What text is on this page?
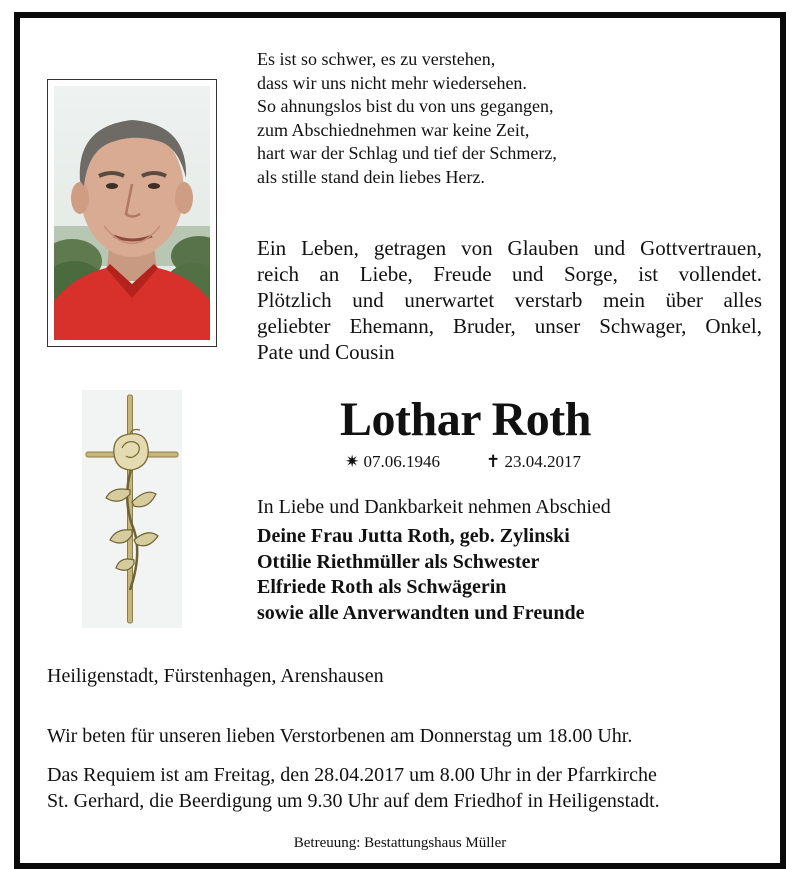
Es ist so schwer, es zu verstehen,
dass wir uns nicht mehr wiedersehen.
So ahnungslos bist du von uns gegangen,
zum Abschiednehmen war keine Zeit,
hart war der Schlag und tief der Schmerz,
als stille stand dein liebes Herz.
Ein Leben, getragen von Glauben und Gottvertrauen,
reich an Liebe, Freude und Sorge, ist vollendet.
Plötzlich und unerwartet verstarb mein über alles
geliebter Ehemann, Bruder, unser Schwager, Onkel,
Pate und Cousin
Lothar Roth
✷ 07.06.1946	✝ 23.04.2017
In Liebe und Dankbarkeit nehmen Abschied
Deine Frau Jutta Roth, geb. Zylinski
Ottilie Riethmüller als Schwester
Elfriede Roth als Schwägerin
sowie alle Anverwandten und Freunde
Heiligenstadt, Fürstenhagen, Arenshausen
Wir beten für unseren lieben Verstorbenen am Donnerstag um 18.00 Uhr.
Das Requiem ist am Freitag, den 28.04.2017 um 8.00 Uhr in der Pfarrkirche
St. Gerhard, die Beerdigung um 9.30 Uhr auf dem Friedhof in Heiligenstadt.
Betreuung: Bestattungshaus Müller
